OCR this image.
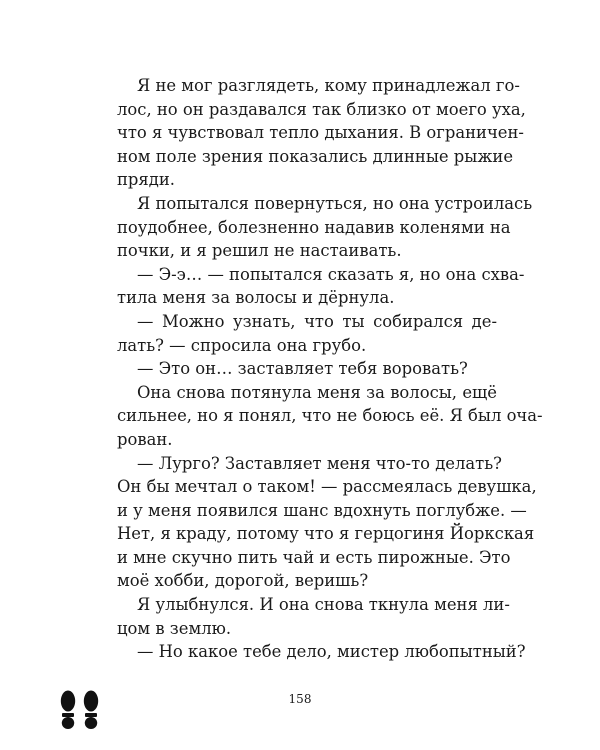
Я не мог разглядеть, кому принадлежал го-
лос, но он раздавался так близко от моего уха,
что я чувствовал тепло дыхания. В ограничен-
ном поле зрения показались длинные рыжие
пряди.
Я попытался повернуться, но она устроилась
поудобнее, болезненно надавив коленями на
почки, и я решил не настаивать.
— Э-э… — попытался сказать я, но она схва-
тила меня за волосы и дёрнула.
— Можно узнать, что ты собирался де-
лать? — спросила она грубо.
— Это он… заставляет тебя воровать?
Она снова потянула меня за волосы, ещё
сильнее, но я понял, что не боюсь её. Я был оча-
рован.
— Лурго? Заставляет меня что-то делать?
Он бы мечтал о таком! — рассмеялась девушка,
и у меня появился шанс вдохнуть поглубже. —
Нет, я краду, потому что я герцогиня Йоркская
и мне скучно пить чай и есть пирожные. Это
моё хобби, дорогой, веришь?
Я улыбнулся. И она снова ткнула меня ли-
цом в землю.
— Но какое тебе дело, мистер любопытный?
158
